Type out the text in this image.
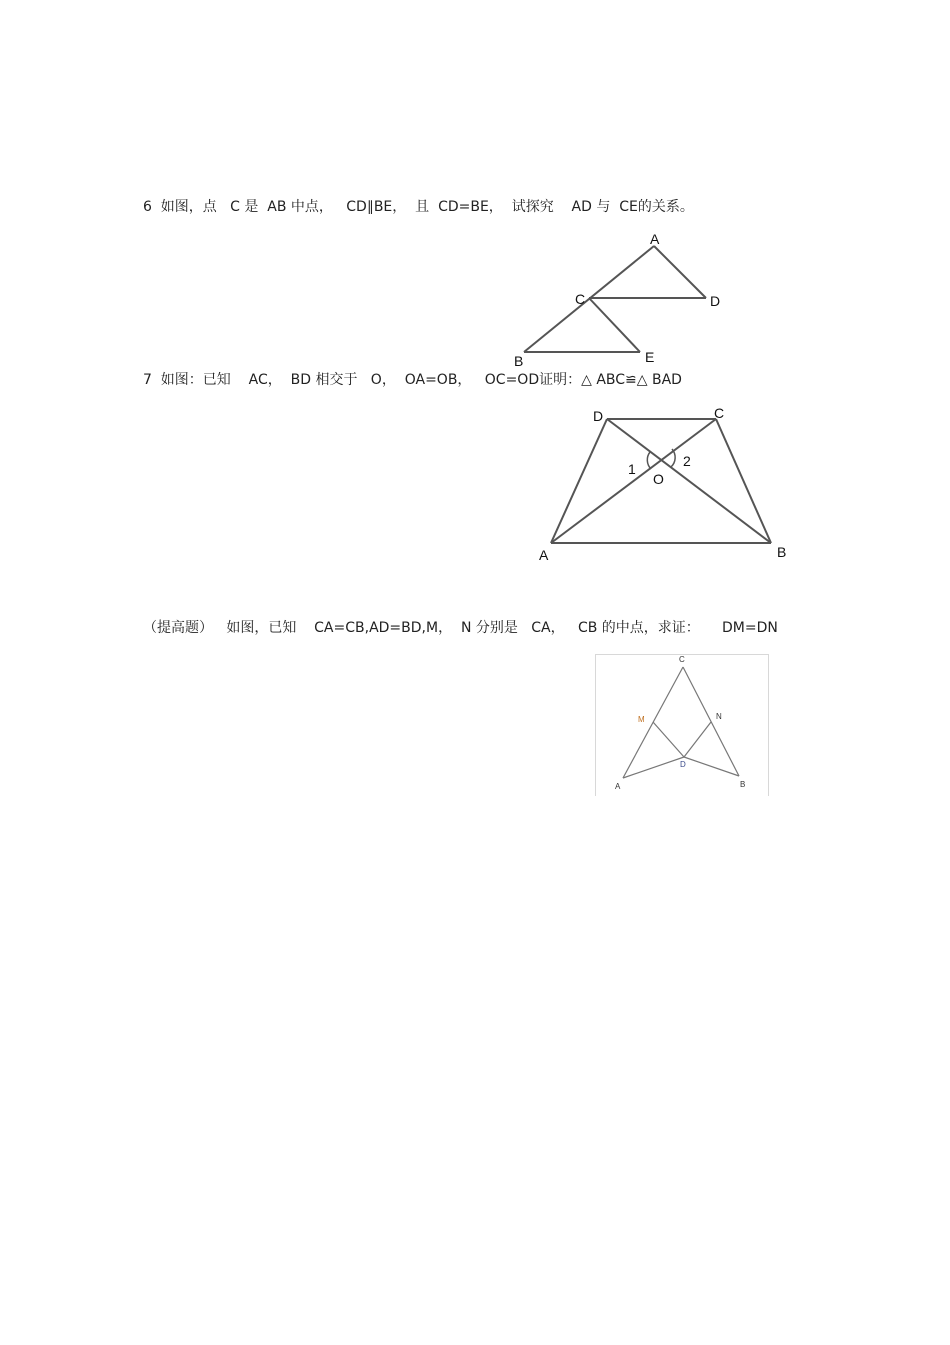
6  如图，点   C 是  AB 中点，   CD∥BE，  且  CD=BE，  试探究    AD 与  CE的关系。
A
C	D
B	E
7  如图：已知    AC，  BD 相交于   O，  OA=OB，   OC=OD证明：△ ABC≌△ BAD
D	C
1	2
O
A	B
（提高题）   如图，已知    CA=CB,AD=BD,M，  N 分别是   CA，   CB 的中点，求证：     DM=DN
C
M	N
D
A	B
